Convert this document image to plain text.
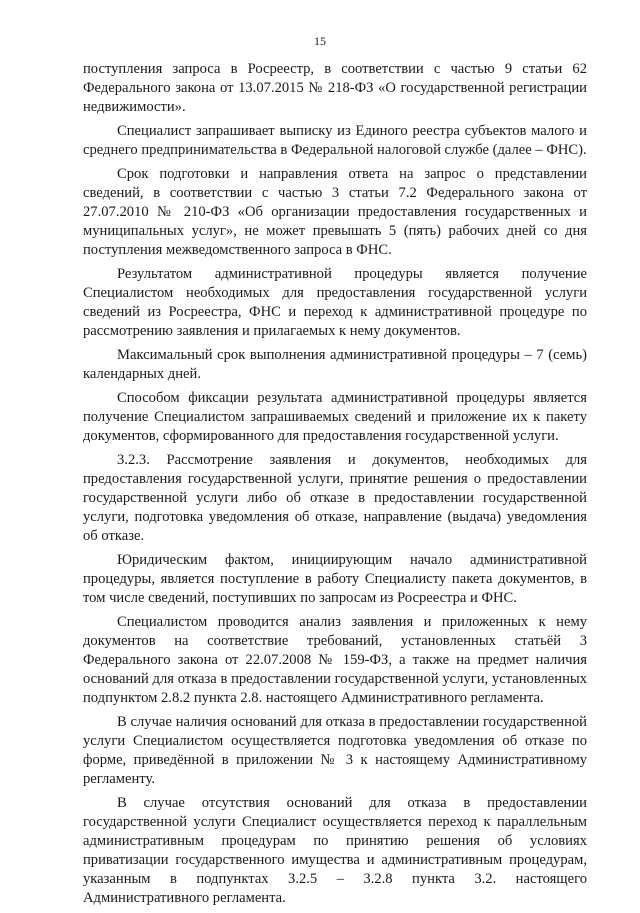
15

поступления запроса в Росреестр, в соответствии с частью 9 статьи 62 Федерального закона от 13.07.2015 № 218-ФЗ «О государственной регистрации недвижимости».

Специалист запрашивает выписку из Единого реестра субъектов малого и среднего предпринимательства в Федеральной налоговой службе (далее – ФНС).

Срок подготовки и направления ответа на запрос о представлении сведений, в соответствии с частью 3 статьи 7.2 Федерального закона от 27.07.2010 № 210-ФЗ «Об организации предоставления государственных и муниципальных услуг», не может превышать 5 (пять) рабочих дней со дня поступления межведомственного запроса в ФНС.

Результатом административной процедуры является получение Специалистом необходимых для предоставления государственной услуги сведений из Росреестра, ФНС и переход к административной процедуре по рассмотрению заявления и прилагаемых к нему документов.

Максимальный срок выполнения административной процедуры – 7 (семь) календарных дней.

Способом фиксации результата административной процедуры является получение Специалистом запрашиваемых сведений и приложение их к пакету документов, сформированного для предоставления государственной услуги.

3.2.3. Рассмотрение заявления и документов, необходимых для предоставления государственной услуги, принятие решения о предоставлении государственной услуги либо об отказе в предоставлении государственной услуги, подготовка уведомления об отказе, направление (выдача) уведомления об отказе.

Юридическим фактом, инициирующим начало административной процедуры, является поступление в работу Специалисту пакета документов, в том числе сведений, поступивших по запросам из Росреестра и ФНС.

Специалистом проводится анализ заявления и приложенных к нему документов на соответствие требований, установленных статьёй 3 Федерального закона от 22.07.2008 № 159-ФЗ, а также на предмет наличия оснований для отказа в предоставлении государственной услуги, установленных подпунктом 2.8.2 пункта 2.8. настоящего Административного регламента.

В случае наличия оснований для отказа в предоставлении государственной услуги Специалистом осуществляется подготовка уведомления об отказе по форме, приведённой в приложении № 3 к настоящему Административному регламенту.

В случае отсутствия оснований для отказа в предоставлении государственной услуги Специалист осуществляется переход к параллельным административным процедурам по принятию решения об условиях приватизации государственного имущества и административным процедурам, указанным в подпунктах 3.2.5 – 3.2.8 пункта 3.2. настоящего Административного регламента.
